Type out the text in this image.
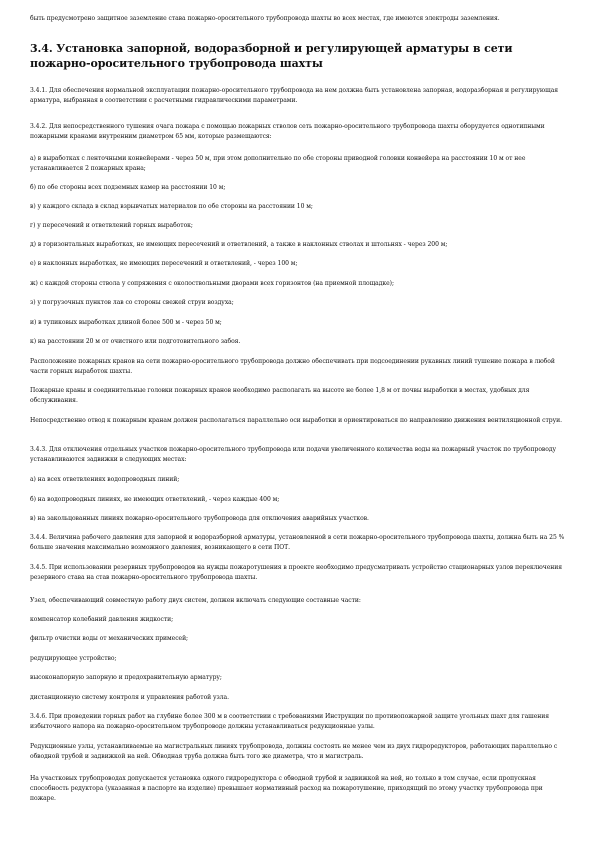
быть предусмотрено защитное заземление става пожарно-оросительного трубопровода шахты во всех местах, где имеются электроды заземления.

3.4. Установка запорной, водоразборной и регулирующей арматуры в сети пожарно-оросительного трубопровода шахты

3.4.1. Для обеспечения нормальной эксплуатации пожарно-оросительного трубопровода на нем должна быть установлена запорная, водоразборная и регулирующая арматура, выбранная в соответствии с расчетными гидравлическими параметрами.

3.4.2. Для непосредственного тушения очага пожара с помощью пожарных стволов сеть пожарно-оросительного трубопровода шахты оборудуется однотипными пожарными кранами внутренним диаметром 65 мм, которые размещаются:

а) в выработках с ленточными конвейерами - через 50 м, при этом дополнительно по обе стороны приводной головки конвейера на расстоянии 10 м от нее устанавливается 2 пожарных крана;

б) по обе стороны всех подземных камер на расстоянии 10 м;

в) у каждого склада в склад взрывчатых материалов по обе стороны на расстоянии 10 м;

г) у пересечений и ответвлений горных выработок;

д) в горизонтальных выработках, не имеющих пересечений и ответвлений, а также в наклонных стволах и штольнях - через 200 м;

е) в наклонных выработках, не имеющих пересечений и ответвлений, - через 100 м;

ж) с каждой стороны ствола у сопряжения с околоствольными дворами всех горизонтов (на приемной площадке);

з) у погрузочных пунктов лав со стороны свежей струи воздуха;

и) в тупиковых выработках длиной более 500 м - через 50 м;

к) на расстоянии 20 м от очистного или подготовительного забоя.

Расположение пожарных кранов на сети пожарно-оросительного трубопровода должно обеспечивать при подсоединении рукавных линий тушение пожара в любой части горных выработок шахты.

Пожарные краны и соединительные головки пожарных кранов необходимо располагать на высоте не более 1,8 м от почвы выработки в местах, удобных для обслуживания.

Непосредственно отвод к пожарным кранам должен располагаться параллельно оси выработки и ориентироваться по направлению движения вентиляционной струи.

3.4.3. Для отключения отдельных участков пожарно-оросительного трубопровода или подачи увеличенного количества воды на пожарный участок по трубопроводу устанавливаются задвижки в следующих местах:

а) на всех ответвлениях водопроводных линий;

б) на водопроводных линиях, не имеющих ответвлений, - через каждые 400 м;

в) на закольцованных линиях пожарно-оросительного трубопровода для отключения аварийных участков.

3.4.4. Величина рабочего давления для запорной и водоразборной арматуры, установленной в сети пожарно-оросительного трубопровода шахты, должна быть на 25 % больше значения максимально возможного давления, возникающего в сети ПОТ.

3.4.5. При использовании резервных трубопроводов на нужды пожаротушения в проекте необходимо предусматривать устройство стационарных узлов переключения резервного става на став пожарно-оросительного трубопровода шахты.

Узел, обеспечивающий совместную работу двух систем, должен включать следующие составные части:

компенсатор колебаний давления жидкости;

фильтр очистки воды от механических примесей;

редуцирующее устройство;

высоконапорную запорную и предохранительную арматуру;

дистанционную систему контроля и управления работой узла.

3.4.6. При проведении горных работ на глубине более 300 м в соответствии с требованиями Инструкции по противопожарной защите угольных шахт для гашения избыточного напора на пожарно-оросительном трубопроводе должны устанавливаться редукционные узлы.

Редукционные узлы, устанавливаемые на магистральных линиях трубопровода, должны состоять не менее чем из двух гидроредукторов, работающих параллельно с обводной трубой и задвижкой на ней. Обводная труба должна быть того же диаметра, что и магистраль.

На участковых трубопроводах допускается установка одного гидроредуктора с обводной трубой и задвижкой на ней, но только в том случае, если пропускная способность редуктора (указанная в паспорте на изделие) превышает нормативный расход на пожаротушение, приходящий по этому участку трубопровода при пожаре.
